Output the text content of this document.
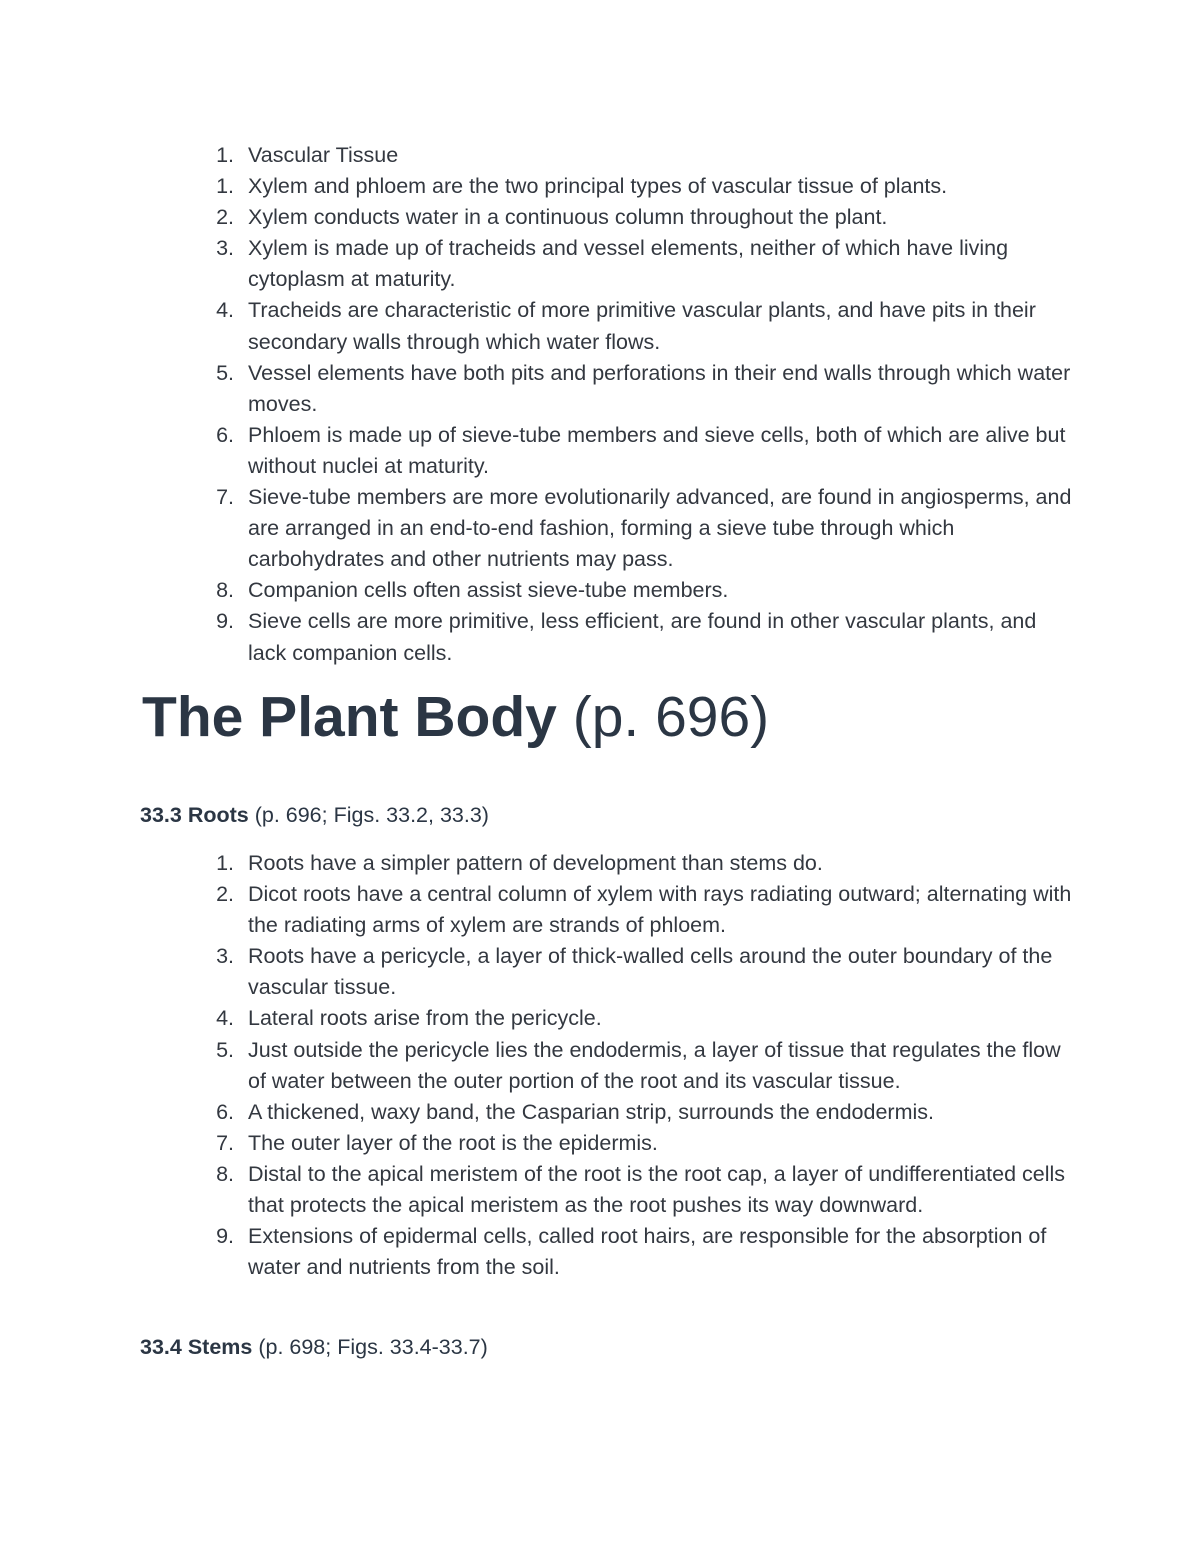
1. Vascular Tissue
1. Xylem and phloem are the two principal types of vascular tissue of plants.
2. Xylem conducts water in a continuous column throughout the plant.
3. Xylem is made up of tracheids and vessel elements, neither of which have living cytoplasm at maturity.
4. Tracheids are characteristic of more primitive vascular plants, and have pits in their secondary walls through which water flows.
5. Vessel elements have both pits and perforations in their end walls through which water moves.
6. Phloem is made up of sieve-tube members and sieve cells, both of which are alive but without nuclei at maturity.
7. Sieve-tube members are more evolutionarily advanced, are found in angiosperms, and are arranged in an end-to-end fashion, forming a sieve tube through which carbohydrates and other nutrients may pass.
8. Companion cells often assist sieve-tube members.
9. Sieve cells are more primitive, less efficient, are found in other vascular plants, and lack companion cells.
The Plant Body (p. 696)
33.3 Roots (p. 696; Figs. 33.2, 33.3)
1. Roots have a simpler pattern of development than stems do.
2. Dicot roots have a central column of xylem with rays radiating outward; alternating with the radiating arms of xylem are strands of phloem.
3. Roots have a pericycle, a layer of thick-walled cells around the outer boundary of the vascular tissue.
4. Lateral roots arise from the pericycle.
5. Just outside the pericycle lies the endodermis, a layer of tissue that regulates the flow of water between the outer portion of the root and its vascular tissue.
6. A thickened, waxy band, the Casparian strip, surrounds the endodermis.
7. The outer layer of the root is the epidermis.
8. Distal to the apical meristem of the root is the root cap, a layer of undifferentiated cells that protects the apical meristem as the root pushes its way downward.
9. Extensions of epidermal cells, called root hairs, are responsible for the absorption of water and nutrients from the soil.
33.4 Stems (p. 698; Figs. 33.4-33.7)
